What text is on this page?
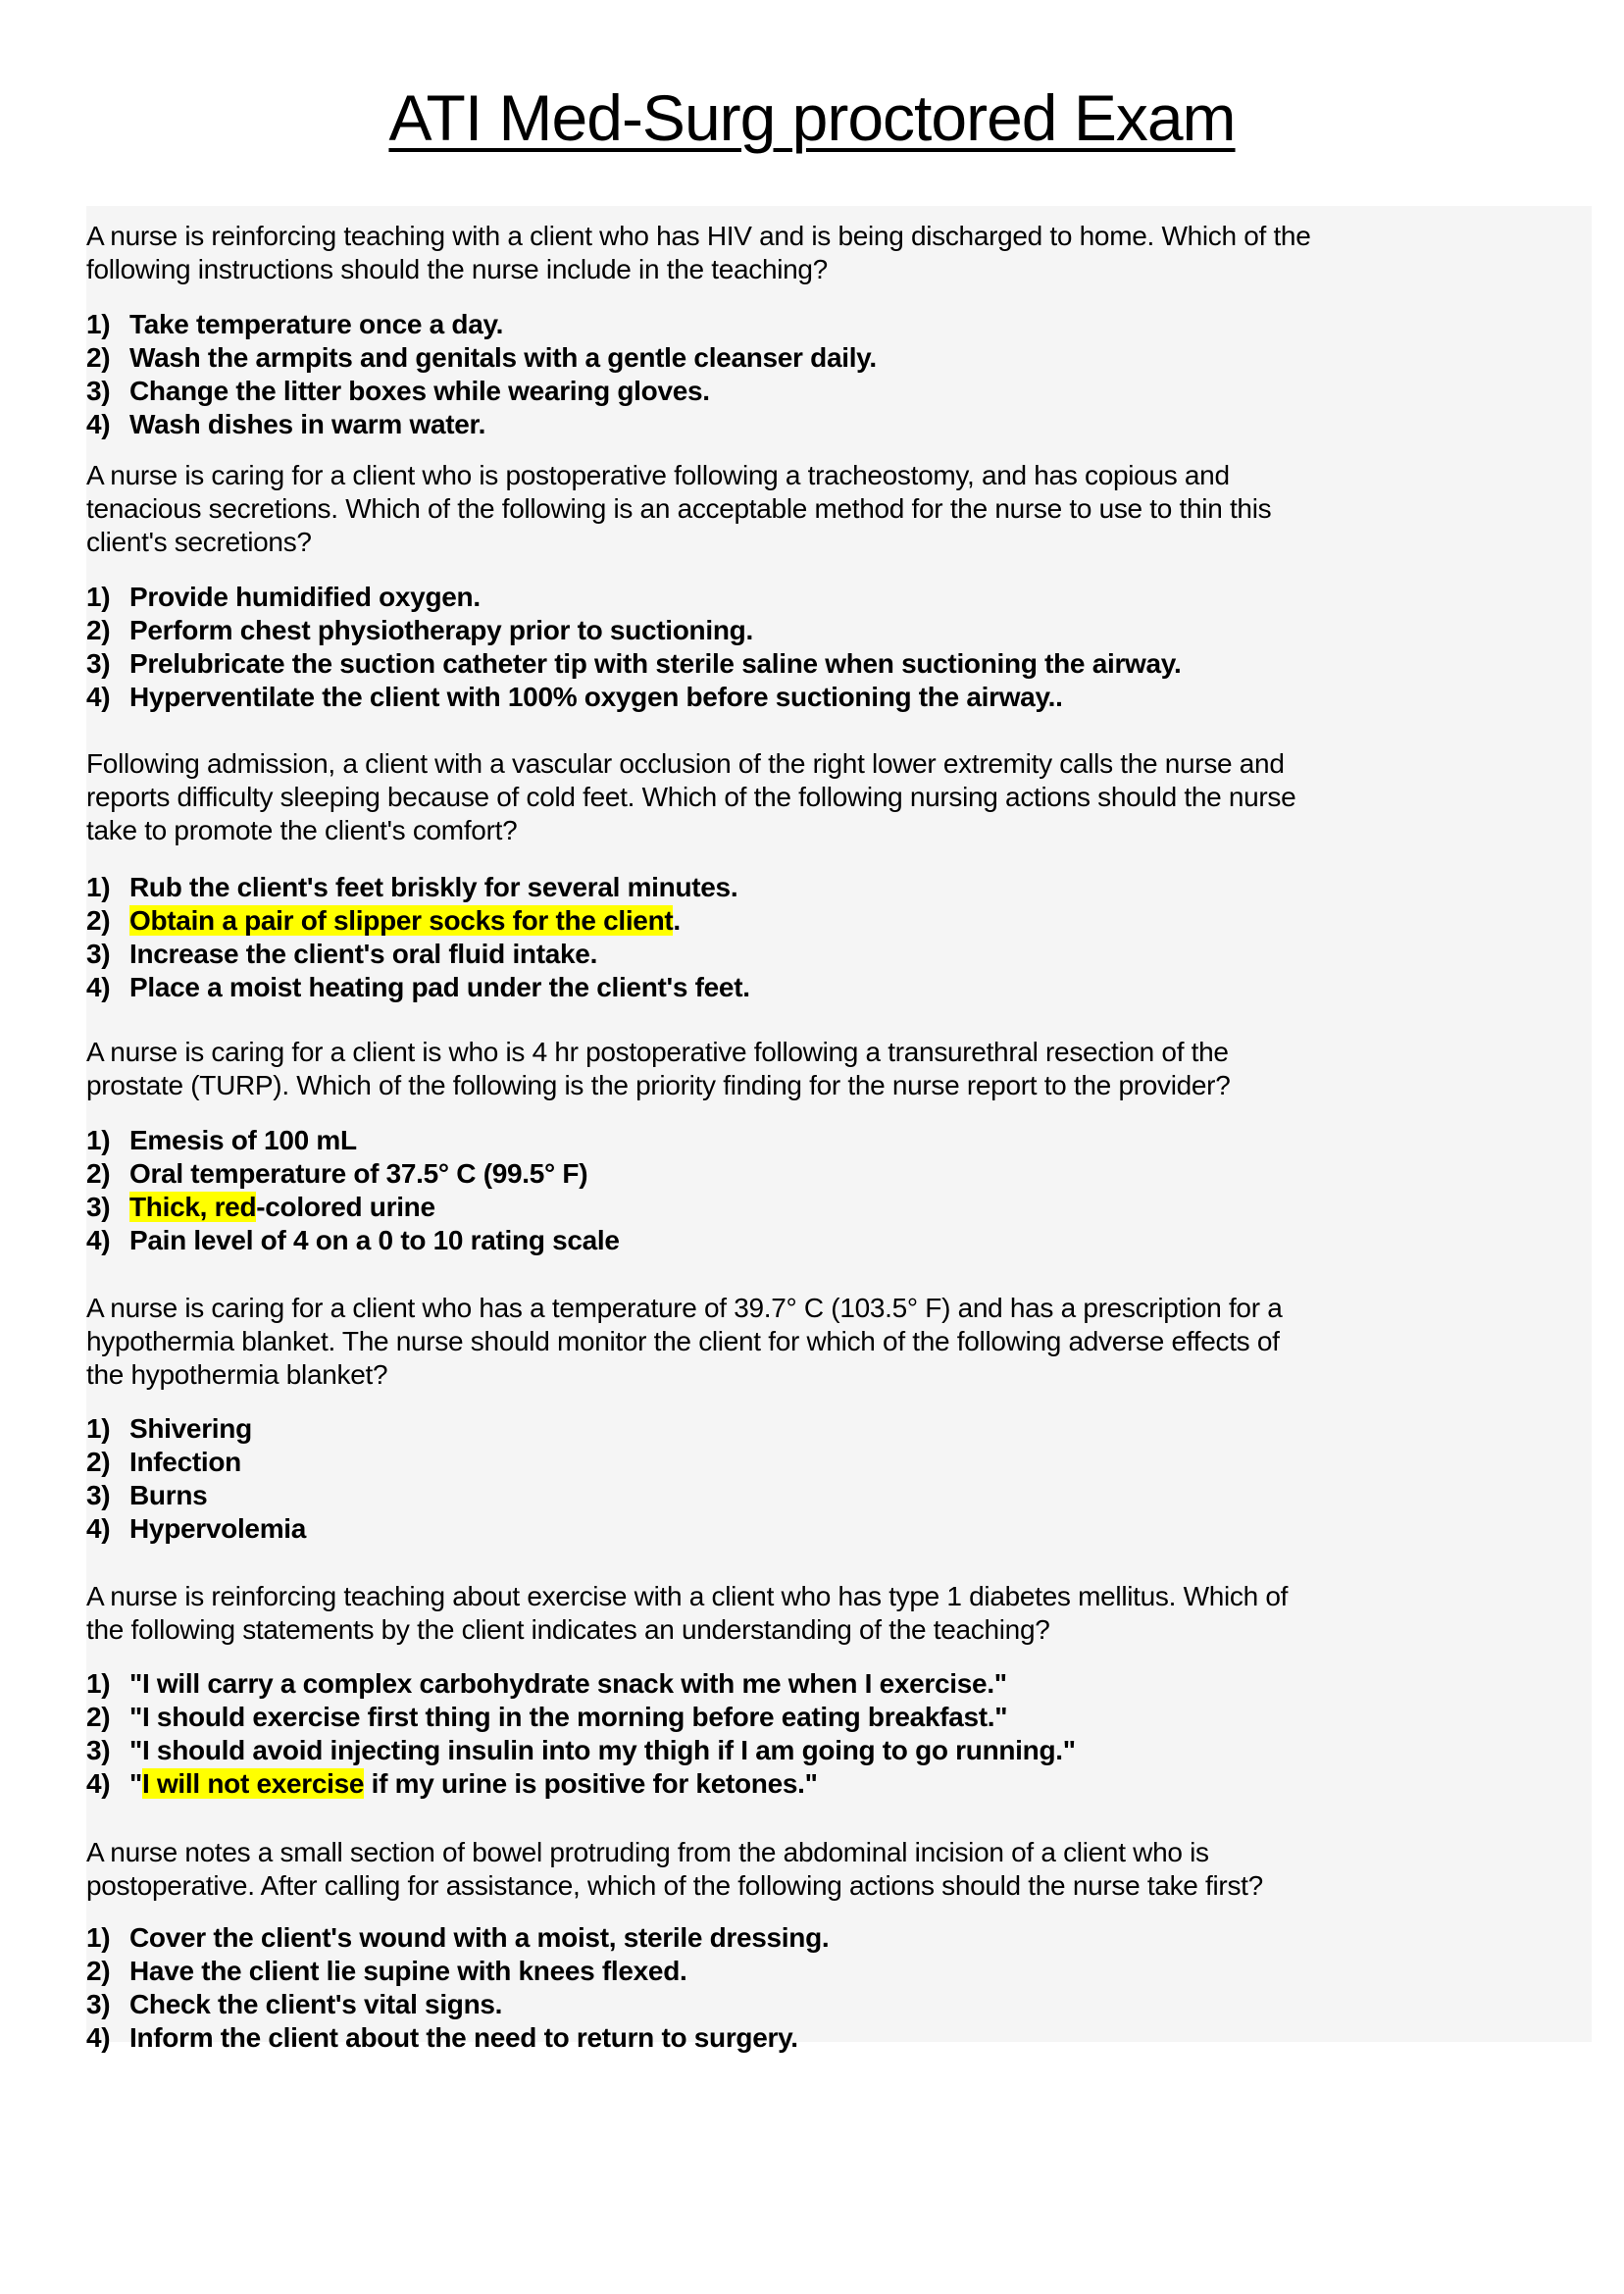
ATI Med-Surg proctored Exam
A nurse is reinforcing teaching with a client who has HIV and is being discharged to home. Which of the
following instructions should the nurse include in the teaching?
1) Take temperature once a day.
2) Wash the armpits and genitals with a gentle cleanser daily.
3) Change the litter boxes while wearing gloves.
4) Wash dishes in warm water.
A nurse is caring for a client who is postoperative following a tracheostomy, and has copious and
tenacious secretions. Which of the following is an acceptable method for the nurse to use to thin this
client's secretions?
1) Provide humidified oxygen.
2) Perform chest physiotherapy prior to suctioning.
3) Prelubricate the suction catheter tip with sterile saline when suctioning the airway.
4) Hyperventilate the client with 100% oxygen before suctioning the airway..
Following admission, a client with a vascular occlusion of the right lower extremity calls the nurse and
reports difficulty sleeping because of cold feet. Which of the following nursing actions should the nurse
take to promote the client's comfort?
1) Rub the client's feet briskly for several minutes.
2) Obtain a pair of slipper socks for the client.
3) Increase the client's oral fluid intake.
4) Place a moist heating pad under the client's feet.
A nurse is caring for a client is who is 4 hr postoperative following a transurethral resection of the
prostate (TURP). Which of the following is the priority finding for the nurse report to the provider?
1) Emesis of 100 mL
2) Oral temperature of 37.5° C (99.5° F)
3) Thick, red-colored urine
4) Pain level of 4 on a 0 to 10 rating scale
A nurse is caring for a client who has a temperature of 39.7° C (103.5° F) and has a prescription for a
hypothermia blanket. The nurse should monitor the client for which of the following adverse effects of
the hypothermia blanket?
1) Shivering
2) Infection
3) Burns
4) Hypervolemia
A nurse is reinforcing teaching about exercise with a client who has type 1 diabetes mellitus. Which of
the following statements by the client indicates an understanding of the teaching?
1) "I will carry a complex carbohydrate snack with me when I exercise."
2) "I should exercise first thing in the morning before eating breakfast."
3) "I should avoid injecting insulin into my thigh if I am going to go running."
4) "I will not exercise if my urine is positive for ketones."
A nurse notes a small section of bowel protruding from the abdominal incision of a client who is
postoperative. After calling for assistance, which of the following actions should the nurse take first?
1) Cover the client's wound with a moist, sterile dressing.
2) Have the client lie supine with knees flexed.
3) Check the client's vital signs.
4) Inform the client about the need to return to surgery.
